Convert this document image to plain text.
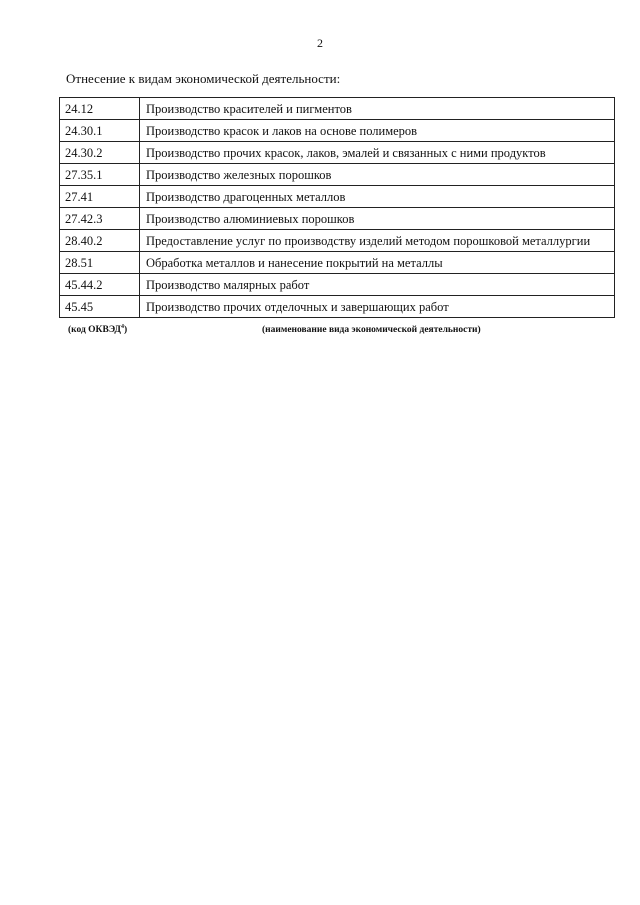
2
Отнесение к видам экономической деятельности:
24.12	Производство красителей и пигментов
24.30.1	Производство красок и лаков на основе полимеров
24.30.2	Производство прочих красок, лаков, эмалей и связанных с ними продуктов
27.35.1	Производство железных порошков
27.41	Производство драгоценных металлов
27.42.3	Производство алюминиевых порошков
28.40.2	Предоставление услуг по производству изделий методом порошковой металлургии
28.51	Обработка металлов и нанесение покрытий на металлы
45.44.2	Производство малярных работ
45.45	Производство прочих отделочных и завершающих работ
(код ОКВЭД$^4$)	(наименование вида экономической деятельности)
